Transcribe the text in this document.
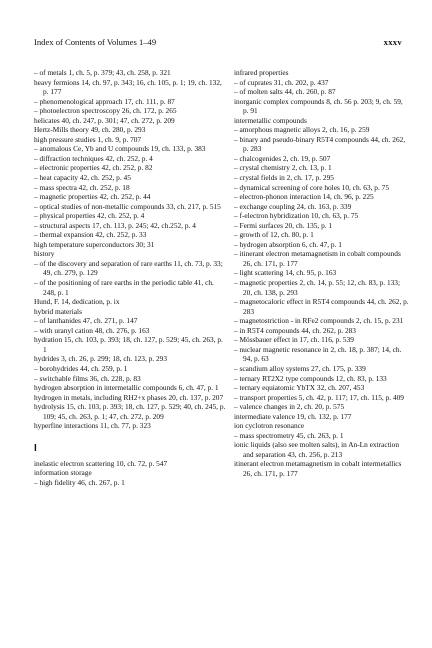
Index of Contents of Volumes 1–49	xxxv
– of metals 1, ch. 5, p. 379; 43, ch. 258, p. 321
heavy fermions 14, ch. 97, p. 343; 16, ch. 105, p. 1; 19, ch. 132, p. 177
– phenomenological approach 17, ch. 111, p. 87
– photoelectron spectroscopy 26, ch. 172, p. 265
helicates 40, ch. 247, p. 301; 47, ch. 272, p. 209
Hertz-Mills theory 49, ch. 280, p. 293
high pressure studies 1, ch. 9, p. 707
– anomalous Ce, Yb and U compounds 19, ch. 133, p. 383
– diffraction techniques 42, ch. 252, p. 4
– electronic properties 42, ch. 252, p. 82
– heat capacity 42, ch. 252, p. 45
– mass spectra 42, ch. 252, p. 18
– magnetic properties 42, ch. 252, p. 44
– optical studies of non-metallic compounds 33, ch. 217, p. 515
– physical properties 42, ch. 252, p. 4
– structural aspects 17, ch. 113, p. 245; 42, ch.252, p. 4
– thermal expansion 42, ch. 252, p. 33
high temperature superconductors 30; 31
history
– of the discovery and separation of rare earths 11, ch. 73, p. 33; 49, ch. 279, p. 129
– of the positioning of rare earths in the periodic table 41, ch. 248, p. 1
Hund, F. 14, dedication, p. ix
hybrid materials
– of lanthanides 47, ch. 271, p. 147
– with uranyl cation 48, ch. 276, p. 163
hydration 15, ch. 103, p. 393; 18, ch. 127, p. 529; 45, ch. 263, p. 1
hydrides 3, ch. 26, p. 299; 18, ch. 123, p. 293
– borohydrides 44, ch. 259, p. 1
– switchable films 36, ch. 228, p. 83
hydrogen absorption in intermetallic compounds 6, ch. 47, p. 1
hydrogen in metals, including RH2+x phases 20, ch. 137, p. 207
hydrolysis 15, ch. 103, p. 393; 18, ch. 127, p. 529; 40, ch. 245, p. 109; 45, ch. 263, p. 1; 47, ch. 272, p. 209
hyperfine interactions 11, ch. 77, p. 323
I
inelastic electron scattering 10, ch. 72, p. 547
information storage
– high fidelity 46, ch. 267, p. 1
infrared properties
– of cuprates 31, ch. 202, p. 437
– of molten salts 44, ch. 260, p. 87
inorganic complex compounds 8, ch. 56 p. 203; 9, ch. 59, p. 91
intermetallic compounds
– amorphous magnetic alloys 2, ch. 16, p. 259
– binary and pseudo-binary R5T4 compounds 44, ch. 262, p. 283
– chalcogenides 2, ch. 19, p. 507
– crystal chemistry 2, ch. 13, p. 1
– crystal fields in 2, ch. 17, p. 295
– dynamical screening of core holes 10, ch. 63, p. 75
– electron-phonon interaction 14, ch. 96, p. 225
– exchange coupling 24, ch. 163, p. 339
– f-electron hybridization 10, ch. 63, p. 75
– Fermi surfaces 20, ch. 135, p. 1
– growth of 12, ch. 80, p. 1
– hydrogen absorption 6, ch. 47, p. 1
– itinerant electron metamagnetism in cobalt compounds 26, ch. 171, p. 177
– light scattering 14, ch. 95, p. 163
– magnetic properties 2, ch. 14, p. 55; 12, ch. 83, p. 133; 20, ch. 138, p. 293
– magnetocaloric effect in R5T4 compounds 44, ch. 262, p. 283
– magnetostriction - in RFe2 compounds 2, ch. 15, p. 231
– in R5T4 compounds 44, ch. 262, p. 283
– Mössbauer effect in 17, ch. 116, p. 539
– nuclear magnetic resonance in 2, ch. 18, p. 387; 14, ch. 94, p. 63
– scandium alloy systems 27, ch. 175, p. 339
– ternary RT2X2 type compounds 12, ch. 83, p. 133
– ternary equiatomic YbTX 32, ch. 207, 453
– transport properties 5, ch. 42, p. 117; 17, ch. 115, p. 409
– valence changes in 2, ch. 20, p. 575
intermediate valence 19, ch. 132, p. 177
ion cyclotron resonance
– mass spectrometry 45, ch. 263, p. 1
ionic liquids (also see molten salts), in An-Ln extraction and separation 43, ch. 256, p. 213
itinerant electron metamagnetism in cobalt intermetallics 26, ch. 171, p. 177
